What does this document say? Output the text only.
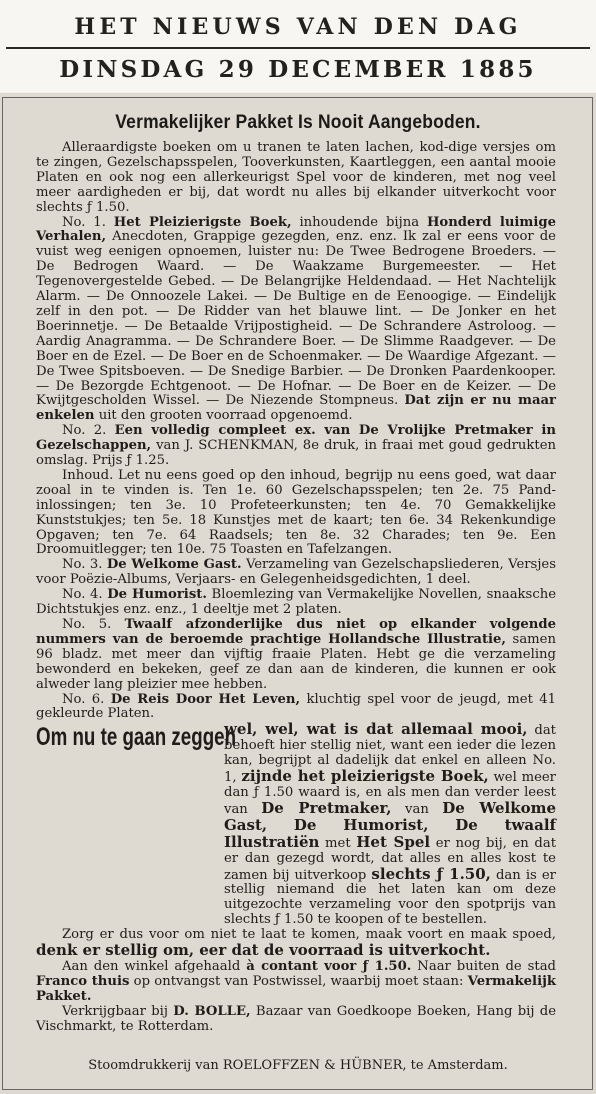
HET NIEUWS VAN DEN DAG
DINSDAG 29 DECEMBER 1885
Vermakelijker Pakket Is Nooit Aangeboden.

Alleraardigste boeken om u tranen te laten lachen, kod-dige versjes om te zingen, Gezelschapsspelen, Tooverkunsten, Kaartleggen, een aantal mooie Platen en ook nog een allerkeurigst Spel voor de kinderen, met nog veel meer aardigheden er bij, dat wordt nu alles bij elkander uitverkocht voor slechts ƒ 1.50.

No. 1. Het Pleizierigste Boek, inhoudende bijna Honderd luimige Verhalen, Anecdoten, Grappige gezegden, enz. enz. Ik zal er eens voor de vuist weg eenigen opnoemen, luister nu: De Twee Bedrogene Broeders. — De Bedrogen Waard. — De Waakzame Burgemeester. — Het Tegenovergestelde Gebed. — De Belangrijke Heldendaad. — Het Nachtelijk Alarm. — De Onnoozele Lakei. — De Bultige en de Eenoogige. — Eindelijk zelf in den pot. — De Ridder van het blauwe lint. — De Jonker en het Boerinnetje. — De Betaalde Vrijpostigheid. — De Schrandere Astroloog. — Aardig Anagramma. — De Schrandere Boer. — De Slimme Raadgever. — De Boer en de Ezel. — De Boer en de Schoenmaker. — De Waardige Afgezant. — De Twee Spitsboeven. — De Snedige Barbier. — De Dronken Paardenkooper. — De Bezorgde Echtgenoot. — De Hofnar. — De Boer en de Keizer. — De Kwijtgescholden Wissel. — De Niezende Stompneus. Dat zijn er nu maar enkelen uit den grooten voorraad opgenoemd.

No. 2. Een volledig compleet ex. van De Vrolijke Pretmaker in Gezelschappen, van J. SCHENKMAN, 8e druk, in fraai met goud gedrukten omslag. Prijs ƒ 1.25.

Inhoud. Let nu eens goed op den inhoud, begrijp nu eens goed, wat daar zooal in te vinden is. Ten 1e. 60 Gezelschapsspelen; ten 2e. 75 Pand-inlossingen; ten 3e. 10 Profeteerkunsten; ten 4e. 70 Gemakkelijke Kunststukjes; ten 5e. 18 Kunstjes met de kaart; ten 6e. 34 Rekenkundige Opgaven; ten 7e. 64 Raadsels; ten 8e. 32 Charades; ten 9e. Een Droomuitlegger; ten 10e. 75 Toasten en Tafelzangen.

No. 3. De Welkome Gast. Verzameling van Gezelschapsliederen, Versjes voor Poëzie-Albums, Verjaars- en Gelegenheidsgedichten, 1 deel.

No. 4. De Humorist. Bloemlezing van Vermakelijke Novellen, snaaksche Dichtstukjes enz. enz., 1 deeltje met 2 platen.

No. 5. Twaalf afzonderlijke dus niet op elkander volgende nummers van de beroemde prachtige Hollandsche Illustratie, samen 96 bladz. met meer dan vijftig fraaie Platen. Hebt ge die verzameling bewonderd en bekeken, geef ze dan aan de kinderen, die kunnen er ook alweder lang pleizier mee hebben.

No. 6. De Reis Door Het Leven, kluchtig spel voor de jeugd, met 41 gekleurde Platen.

Om nu te gaan zeggen
wel, wel, wat is dat allemaal mooi, dat behoeft hier stellig niet, want een ieder die lezen kan, begrijpt al dadelijk dat enkel en alleen No. 1, zijnde het pleizierigste Boek, wel meer dan ƒ 1.50 waard is, en als men dan verder leest van De Pretmaker, van De Welkome Gast, De Humorist, De twaalf Illustratiën met Het Spel er nog bij, en dat er dan gezegd wordt, dat alles en alles kost te zamen bij uitverkoop slechts ƒ 1.50, dan is er stellig niemand die het laten kan om deze uitgezochte verzameling voor den spotprijs van slechts ƒ 1.50 te koopen of te bestellen.

Zorg er dus voor om niet te laat te komen, maak voort en maak spoed, denk er stellig om, eer dat de voorraad is uitverkocht.

Aan den winkel afgehaald à contant voor ƒ 1.50. Naar buiten de stad Franco thuis op ontvangst van Postwissel, waarbij moet staan: Vermakelijk Pakket.

Verkrijgbaar bij D. BOLLE, Bazaar van Goedkoope Boeken, Hang bij de Vischmarkt, te Rotterdam.

Stoomdrukkerij van ROELOFFZEN & HÜBNER, te Amsterdam.
